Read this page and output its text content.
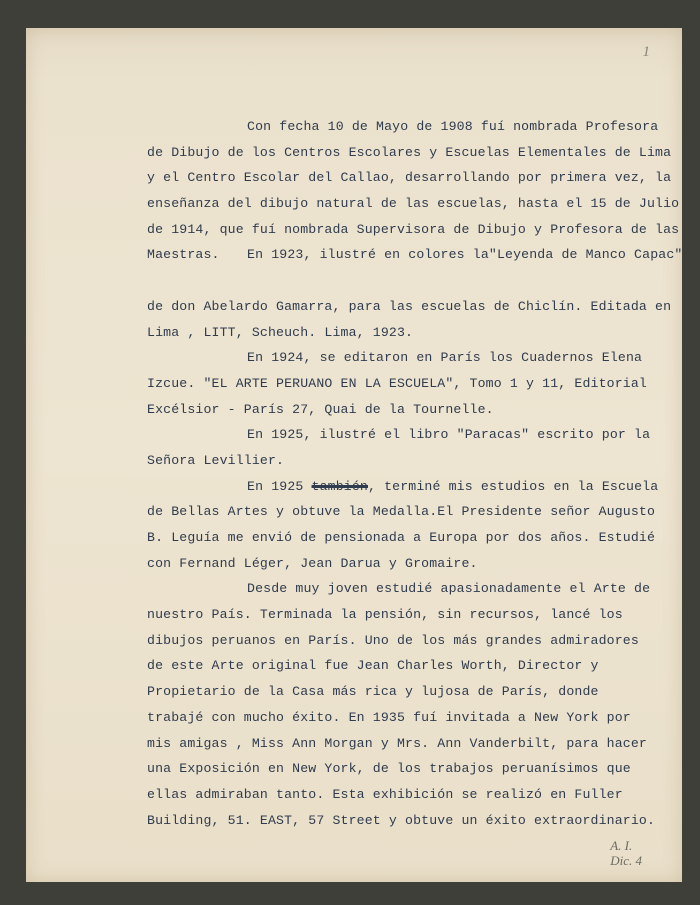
1
Con fecha 10 de Mayo de 1908 fuí nombrada Profesora
de Dibujo de los Centros Escolares y Escuelas Elementales de Lima
y el Centro Escolar del Callao, desarrollando por primera vez, la
enseñanza del dibujo natural de las escuelas, hasta el 15 de Julio
de 1914, que fuí nombrada Supervisora de Dibujo y Profesora de las
Maestras.	En 1923, ilustré en colores la"Leyenda de Manco Capac"
de don Abelardo Gamarra, para las escuelas de Chiclín. Editada en
Lima , LITT, Scheuch. Lima, 1923.
En 1924, se editaron en París los Cuadernos Elena
Izcue. "EL ARTE PERUANO EN LA ESCUELA", Tomo 1 y 11, Editorial
Excélsior - París 27, Quai de la Tournelle.
En 1925, ilustré el libro "Paracas" escrito por la
Señora Levillier.
En 1925 también, terminé mis estudios en la Escuela
de Bellas Artes y obtuve la Medalla.El Presidente señor Augusto
B. Leguía me envió de pensionada a Europa por dos años. Estudié
con Fernand Léger, Jean Darua y Gromaire.
Desde muy joven estudié apasionadamente el Arte de
nuestro País. Terminada la pensión, sin recursos, lancé los
dibujos peruanos en París. Uno de los más grandes admiradores
de este Arte original fue Jean Charles Worth, Director y
Propietario de la Casa más rica y lujosa de París, donde
trabajé con mucho éxito. En 1935 fuí invitada a New York por
mis amigas , Miss Ann Morgan y Mrs. Ann Vanderbilt, para hacer
una Exposición en New York, de los trabajos peruanísimos que
ellas admiraban tanto. Esta exhibición se realizó en Fuller
Building, 51. EAST, 57 Street y obtuve un éxito extraordinario.
A. I.
Dic. 4
